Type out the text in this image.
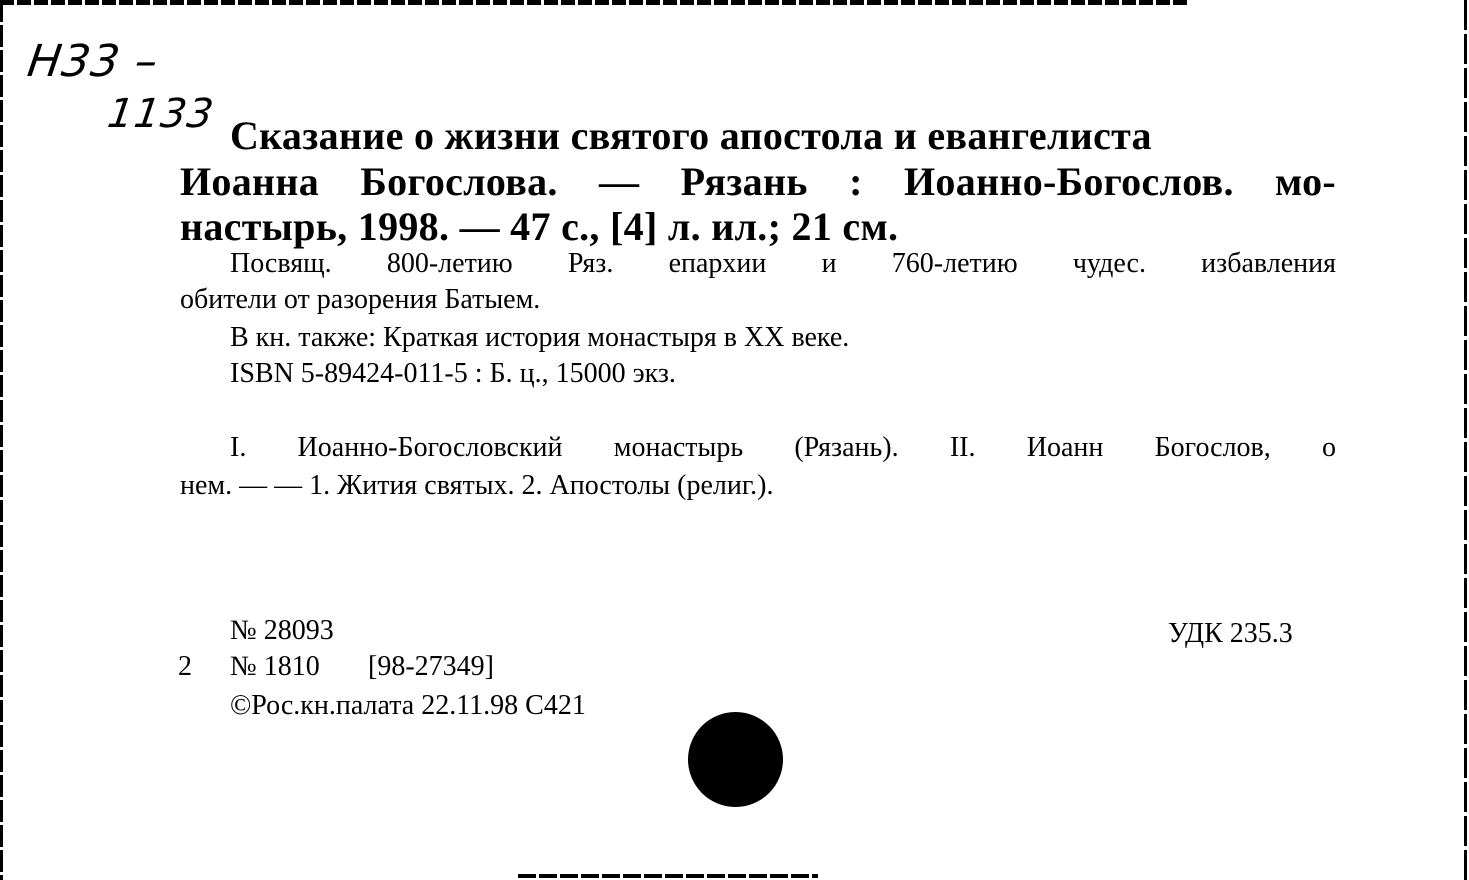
Н33 –
1133 Сказание о жизни святого апостола и евангелиста
Иоанна Богослова. — Рязань : Иоанно-Богослов. мо-
настырь, 1998. — 47 с., [4] л. ил.; 21 см.
Посвящ. 800-летию Ряз. епархии и 760-летию чудес. избавления
обители от разорения Батыем.
В кн. также: Краткая история монастыря в XX веке.
ISBN 5-89424-011-5 : Б. ц., 15000 экз.
I. Иоанно-Богословский монастырь (Рязань). II. Иоанн Богослов, о
нем. — — 1. Жития святых. 2. Апостолы (религ.).
№ 28093	УДК 235.3
2 № 1810 [98-27349]
©Рос.кн.палата 22.11.98 С421
